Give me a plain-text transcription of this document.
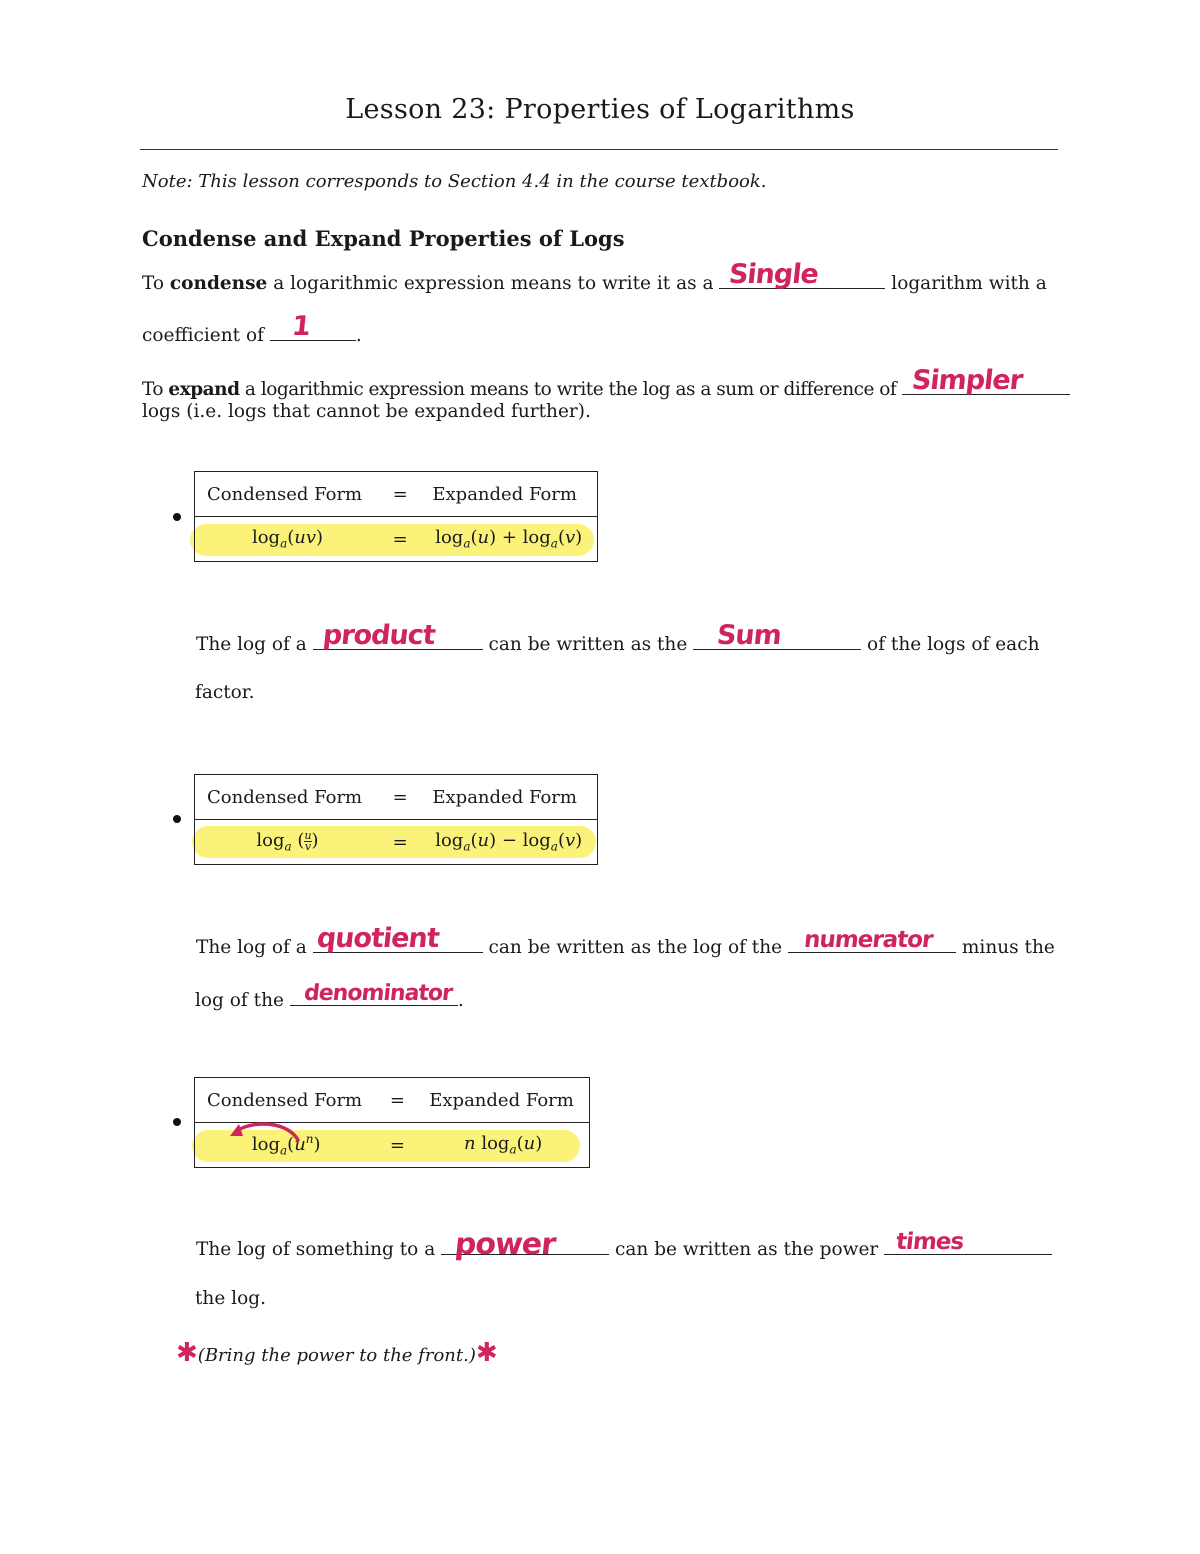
Lesson 23: Properties of Logarithms
Note: This lesson corresponds to Section 4.4 in the course textbook.
Condense and Expand Properties of Logs
To condense a logarithmic expression means to write it as a Single	logarithm with a
coefficient of 1 .
To expand a logarithmic expression means to write the log as a sum or difference of Simpler
logs (i.e. logs that cannot be expanded further).
Condensed Form	=	Expanded Form
$\log_a(uv)$	=	$\log_a(u) + \log_a(v)$
The log of a product	can be written as the Sum	of the logs of each
factor.
Condensed Form	=	Expanded Form
$\log_a$ ( $\frac{u}{v}$ )	=	$\log_a(u) - \log_a(v)$
The log of a quotient can be written as the log of the numerator minus the
log of the denominator .
Condensed Form	=	Expanded Form
$\log_a(u^n)$	=	n $\log_a(u)$
The log of something to a power	can be written as the power times
the log.
✱(Bring the power to the front.)✱
